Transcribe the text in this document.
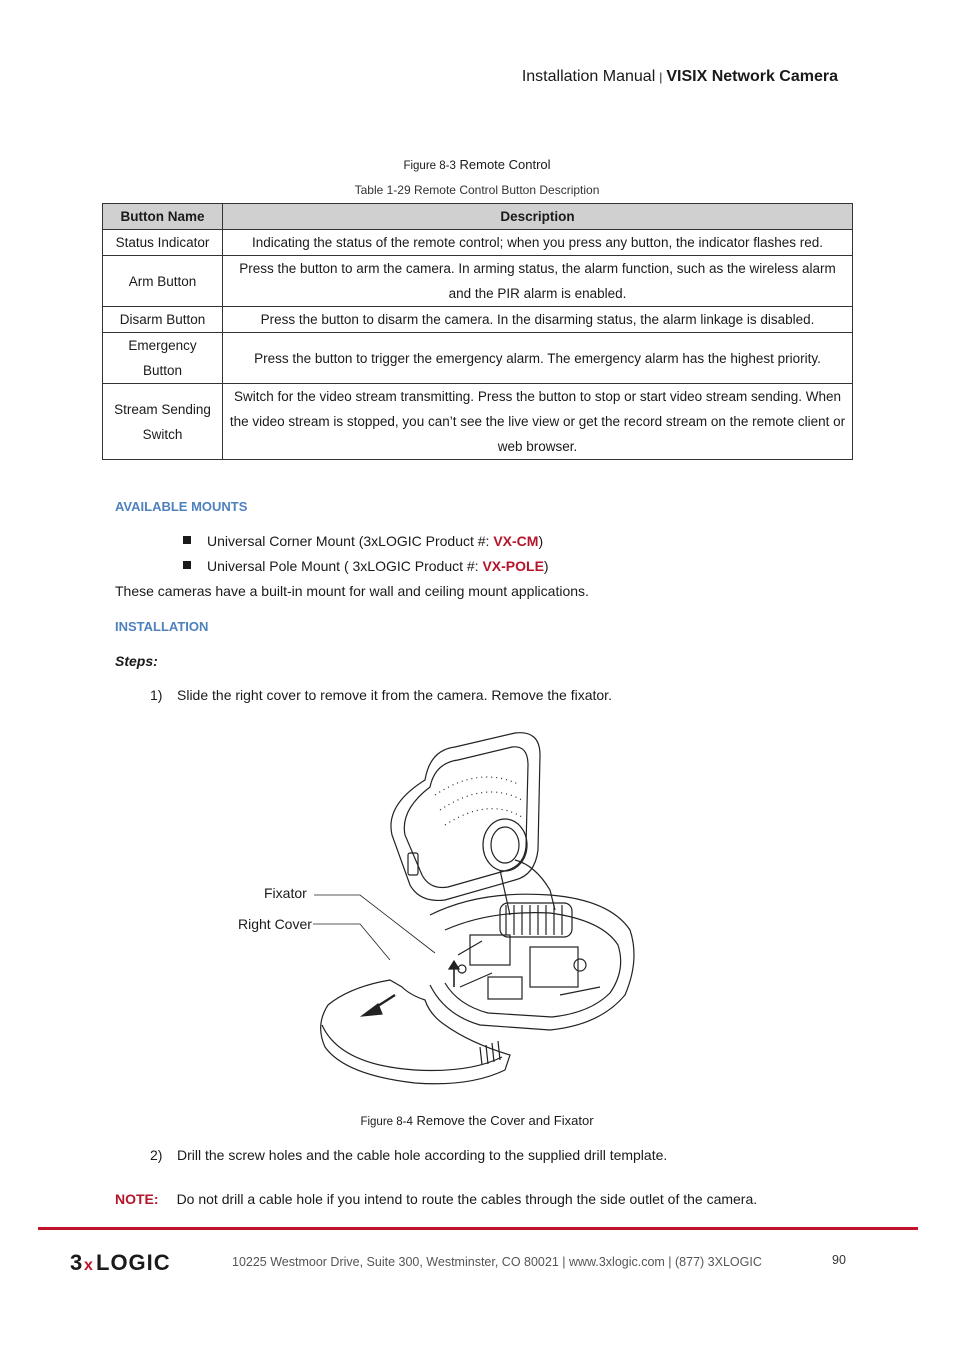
Installation Manual | VISIX Network Camera
Figure 8-3 Remote Control
Table 1-29 Remote Control Button Description
Button Name	Description
Status Indicator	Indicating the status of the remote control; when you press any button, the indicator flashes red.
Arm Button	Press the button to arm the camera. In arming status, the alarm function, such as the wireless alarm and the PIR alarm is enabled.
Disarm Button	Press the button to disarm the camera. In the disarming status, the alarm linkage is disabled.
Emergency Button	Press the button to trigger the emergency alarm. The emergency alarm has the highest priority.
Stream Sending Switch	Switch for the video stream transmitting. Press the button to stop or start video stream sending. When the video stream is stopped, you can’t see the live view or get the record stream on the remote client or web browser.
AVAILABLE MOUNTS
Universal Corner Mount (3xLOGIC Product #: VX-CM)
Universal Pole Mount ( 3xLOGIC Product #: VX-POLE)
These cameras have a built-in mount for wall and ceiling mount applications.
INSTALLATION
Steps:
1) Slide the right cover to remove it from the camera. Remove the fixator.
Fixator
Right Cover
Figure 8-4 Remove the Cover and Fixator
2) Drill the screw holes and the cable hole according to the supplied drill template.
NOTE: Do not drill a cable hole if you intend to route the cables through the side outlet of the camera.
3 x LOGIC	10225 Westmoor Drive, Suite 300, Westminster, CO 80021 | www.3xlogic.com | (877) 3XLOGIC	90
